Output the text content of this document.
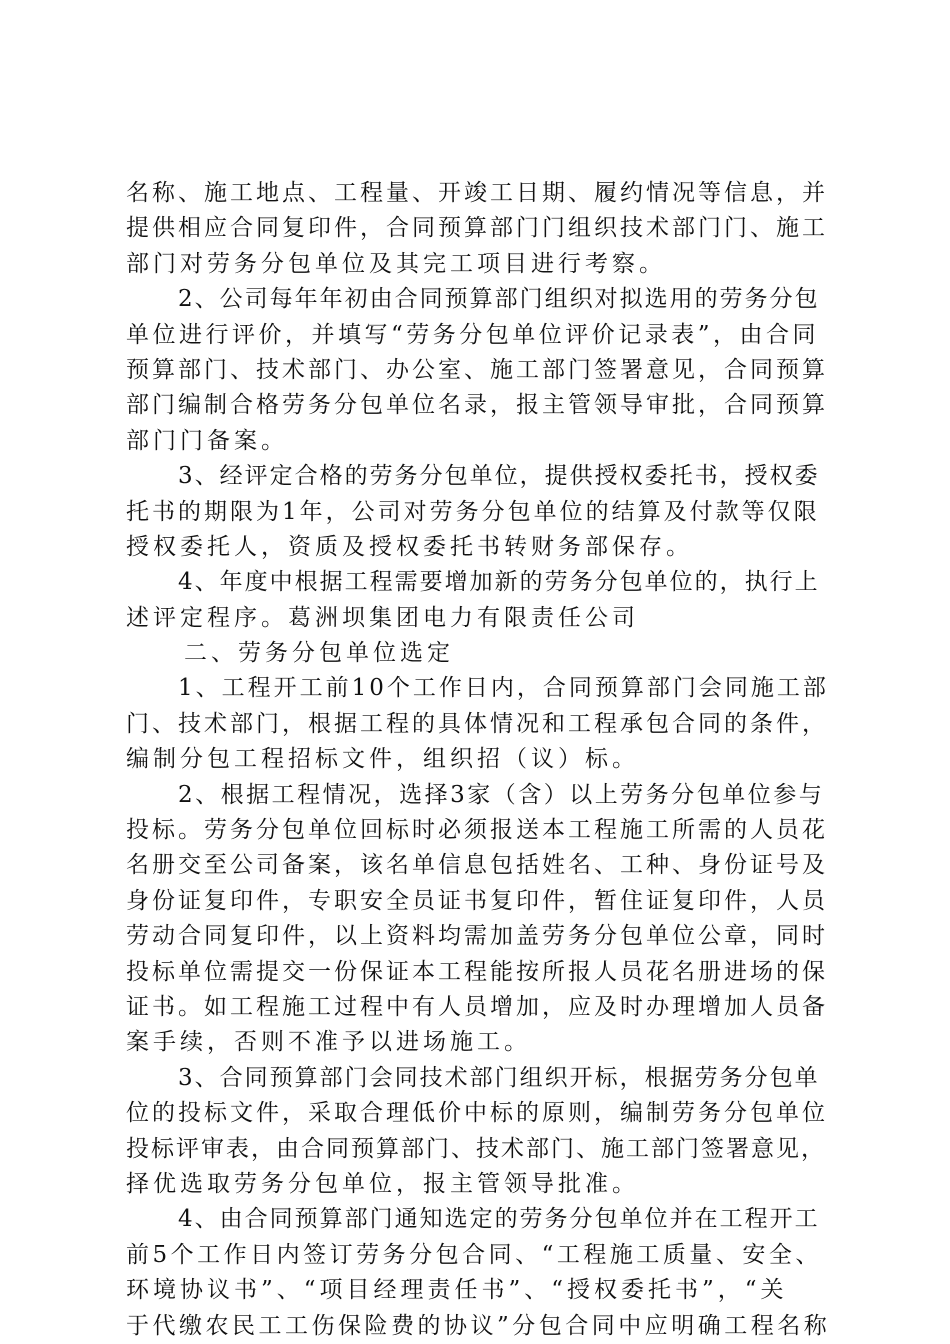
名称、施工地点、工程量、开竣工日期、履约情况等信息，并
提供相应合同复印件，合同预算部门门组织技术部门门、施工
部门对劳务分包单位及其完工项目进行考察。
2、公司每年年初由合同预算部门组织对拟选用的劳务分包
单位进行评价，并填写“劳务分包单位评价记录表”，由合同
预算部门、技术部门、办公室、施工部门签署意见，合同预算
部门编制合格劳务分包单位名录，报主管领导审批，合同预算
部门门备案。
3、经评定合格的劳务分包单位，提供授权委托书，授权委
托书的期限为1年，公司对劳务分包单位的结算及付款等仅限
授权委托人，资质及授权委托书转财务部保存。
4、年度中根据工程需要增加新的劳务分包单位的，执行上
述评定程序。葛洲坝集团电力有限责任公司
二、劳务分包单位选定
1、工程开工前10个工作日内，合同预算部门会同施工部
门、技术部门，根据工程的具体情况和工程承包合同的条件，
编制分包工程招标文件，组织招（议）标。
2、根据工程情况，选择3家（含）以上劳务分包单位参与
投标。劳务分包单位回标时必须报送本工程施工所需的人员花
名册交至公司备案，该名单信息包括姓名、工种、身份证号及
身份证复印件，专职安全员证书复印件，暂住证复印件，人员
劳动合同复印件，以上资料均需加盖劳务分包单位公章，同时
投标单位需提交一份保证本工程能按所报人员花名册进场的保
证书。如工程施工过程中有人员增加，应及时办理增加人员备
案手续，否则不准予以进场施工。
3、合同预算部门会同技术部门组织开标，根据劳务分包单
位的投标文件，采取合理低价中标的原则，编制劳务分包单位
投标评审表，由合同预算部门、技术部门、施工部门签署意见，
择优选取劳务分包单位，报主管领导批准。
4、由合同预算部门通知选定的劳务分包单位并在工程开工
前5个工作日内签订劳务分包合同、“工程施工质量、安全、
环境协议书”、“项目经理责任书”、“授权委托书”，“关
于代缴农民工工伤保险费的协议”分包合同中应明确工程名称
